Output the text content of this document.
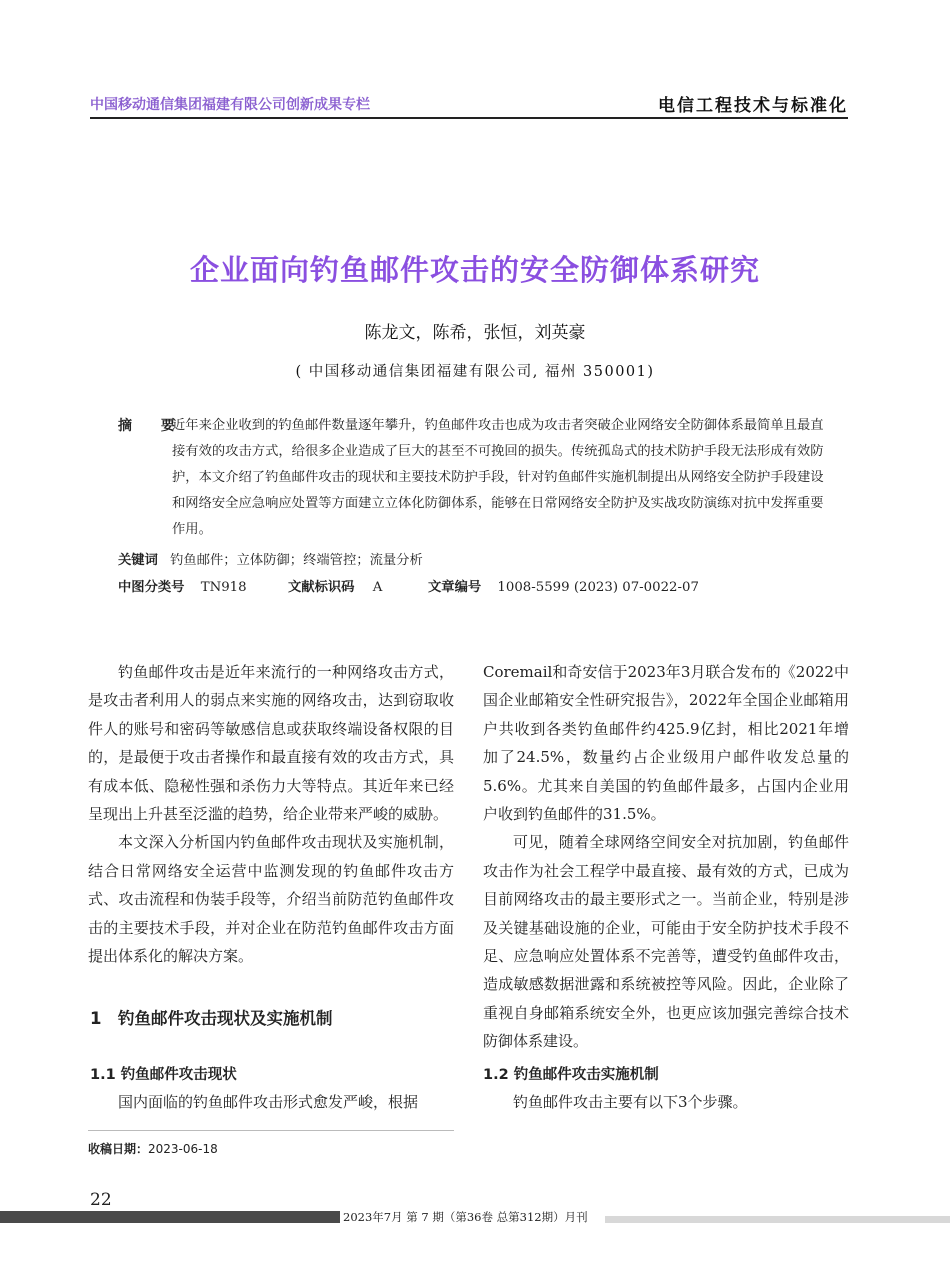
中国移动通信集团福建有限公司创新成果专栏	电信工程技术与标准化
企业面向钓鱼邮件攻击的安全防御体系研究
陈龙文，陈希，张恒，刘英豪
( 中国移动通信集团福建有限公司, 福州 350001)
摘 要
近年来企业收到的钓鱼邮件数量逐年攀升，钓鱼邮件攻击也成为攻击者突破企业网络安全防御体系最简单且最直接有效的攻击方式，给很多企业造成了巨大的甚至不可挽回的损失。传统孤岛式的技术防护手段无法形成有效防护，本文介绍了钓鱼邮件攻击的现状和主要技术防护手段，针对钓鱼邮件实施机制提出从网络安全防护手段建设和网络安全应急响应处置等方面建立立体化防御体系，能够在日常网络安全防护及实战攻防演练对抗中发挥重要作用。
关键词 钓鱼邮件；立体防御；终端管控；流量分析
中图分类号 TN918	文献标识码 A	文章编号 1008-5599 (2023) 07-0022-07

钓鱼邮件攻击是近年来流行的一种网络攻击方式，是攻击者利用人的弱点来实施的网络攻击，达到窃取收件人的账号和密码等敏感信息或获取终端设备权限的目的，是最便于攻击者操作和最直接有效的攻击方式，具有成本低、隐秘性强和杀伤力大等特点。其近年来已经呈现出上升甚至泛滥的趋势，给企业带来严峻的威胁。

本文深入分析国内钓鱼邮件攻击现状及实施机制，结合日常网络安全运营中监测发现的钓鱼邮件攻击方式、攻击流程和伪装手段等，介绍当前防范钓鱼邮件攻击的主要技术手段，并对企业在防范钓鱼邮件攻击方面提出体系化的解决方案。

1　钓鱼邮件攻击现状及实施机制
1.1 钓鱼邮件攻击现状

国内面临的钓鱼邮件攻击形式愈发严峻，根据

Coremail和奇安信于2023年3月联合发布的《2022中国企业邮箱安全性研究报告》，2022年全国企业邮箱用户共收到各类钓鱼邮件约425.9亿封，相比2021年增加了24.5%，数量约占企业级用户邮件收发总量的5.6%。尤其来自美国的钓鱼邮件最多，占国内企业用户收到钓鱼邮件的31.5%。

可见，随着全球网络空间安全对抗加剧，钓鱼邮件攻击作为社会工程学中最直接、最有效的方式，已成为目前网络攻击的最主要形式之一。当前企业，特别是涉及关键基础设施的企业，可能由于安全防护技术手段不足、应急响应处置体系不完善等，遭受钓鱼邮件攻击，造成敏感数据泄露和系统被控等风险。因此，企业除了重视自身邮箱系统安全外，也更应该加强完善综合技术防御体系建设。

1.2 钓鱼邮件攻击实施机制

钓鱼邮件攻击主要有以下3个步骤。

收稿日期：2023-06-18
22
2023年7月 第 7 期（第36卷 总第312期）月刊
